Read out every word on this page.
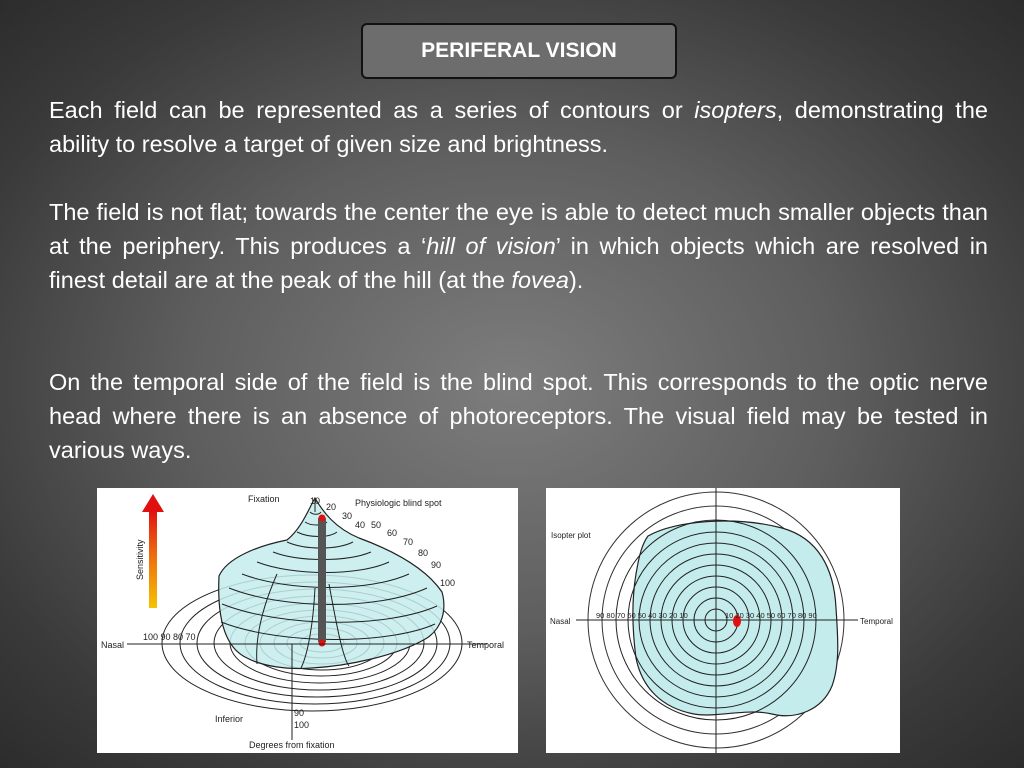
PERIFERAL VISION

Each field can be represented as a series of contours or isopters, demonstrating the ability to resolve a target of given size and brightness.

The field is not flat; towards the center the eye is able to detect much smaller objects than at the periphery. This produces a ‘hill of vision’ in which objects which are resolved in finest detail are at the peak of the hill (at the fovea).

On the temporal side of the field is the blind spot. This corresponds to the optic nerve head where there is an absence of photoreceptors. The visual field may be tested in various ways.

Sensitivity
Fixation	Physiologic blind spot
Nasal	Temporal
100 90 80 70
Inferior
Degrees from fixation
90
100
10
20
30
40 50
60
70
80
90
100
Isopter plot
Nasal	Temporal
90 80 70 60 50 40 30 20 10	10 20 30 40 50 60 70 80 90
